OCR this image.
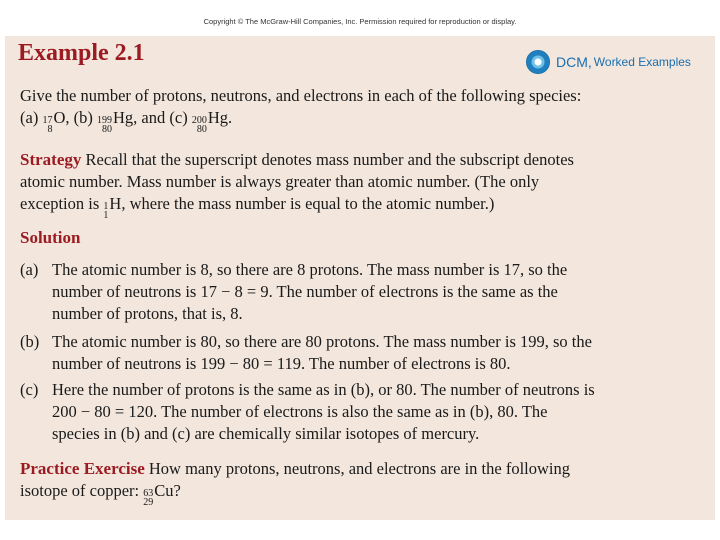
Copyright © The McGraw-Hill Companies, Inc. Permission required for reproduction or display.
Example 2.1	DCM, Worked Examples
Give the number of protons, neutrons, and electrons in each of the following species:
(a) 17
8
O, (b) 199
80
Hg, and (c) 200
80
Hg.
Strategy Recall that the superscript denotes mass number and the subscript denotes
atomic number. Mass number is always greater than atomic number. (The only
exception is 1
1
H, where the mass number is equal to the atomic number.)
Solution
(a) The atomic number is 8, so there are 8 protons. The mass number is 17, so the
number of neutrons is 17 − 8 = 9. The number of electrons is the same as the
number of protons, that is, 8.
(b) The atomic number is 80, so there are 80 protons. The mass number is 199, so the
number of neutrons is 199 − 80 = 119. The number of electrons is 80.
(c) Here the number of protons is the same as in (b), or 80. The number of neutrons is
200 − 80 = 120. The number of electrons is also the same as in (b), 80. The
species in (b) and (c) are chemically similar isotopes of mercury.
Practice Exercise How many protons, neutrons, and electrons are in the following
isotope of copper: 63
29
Cu?
